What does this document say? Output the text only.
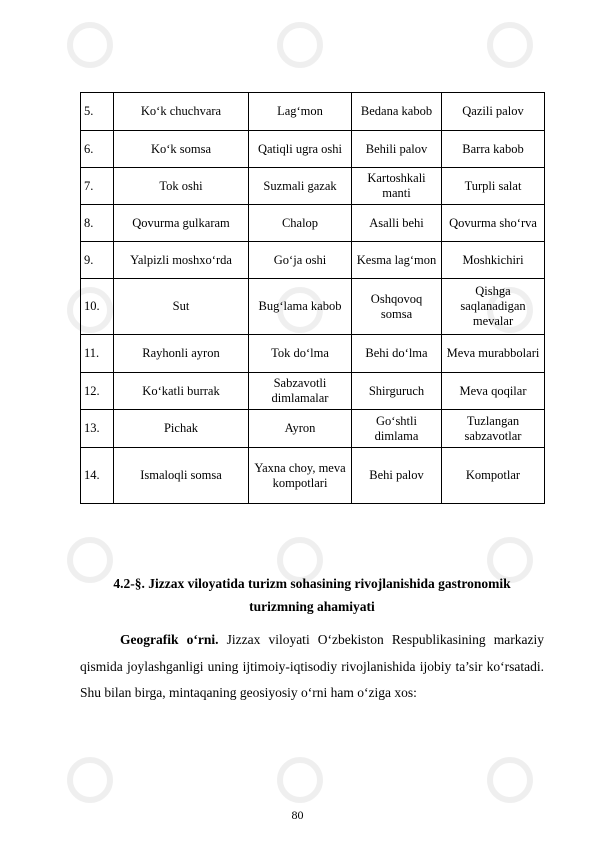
5.	Ko‘k chuchvara	Lag‘mon	Bedana kabob	Qazili palov
6.	Ko‘k somsa	Qatiqli ugra oshi	Behili palov	Barra kabob
7.	Tok oshi	Suzmali gazak	Kartoshkali manti	Turpli salat
8.	Qovurma gulkaram	Chalop	Asalli behi	Qovurma sho‘rva
9.	Yalpizli moshxo‘rda	Go‘ja oshi	Kesma lag‘mon	Moshkichiri
10.	Sut	Bug‘lama kabob	Oshqovoq somsa	Qishga saqlanadigan mevalar
11.	Rayhonli ayron	Tok do‘lma	Behi do‘lma	Meva murabbolari
12.	Ko‘katli burrak	Sabzavotli dimlamalar	Shirguruch	Meva qoqilar
13.	Pichak	Ayron	Go‘shtli dimlama	Tuzlangan sabzavotlar
14.	Ismaloqli somsa	Yaxna choy, meva kompotlari	Behi palov	Kompotlar
4.2-§. Jizzax viloyatida turizm sohasining rivojlanishida gastronomik
turizmning ahamiyati
Geografik o‘rni. Jizzax viloyati O‘zbekiston Respublikasining markaziy qismida joylashganligi uning ijtimoiy-iqtisodiy rivojlanishida ijobiy ta’sir ko‘rsatadi. Shu bilan birga, mintaqaning geosiyosiy o‘rni ham o‘ziga xos:
80
